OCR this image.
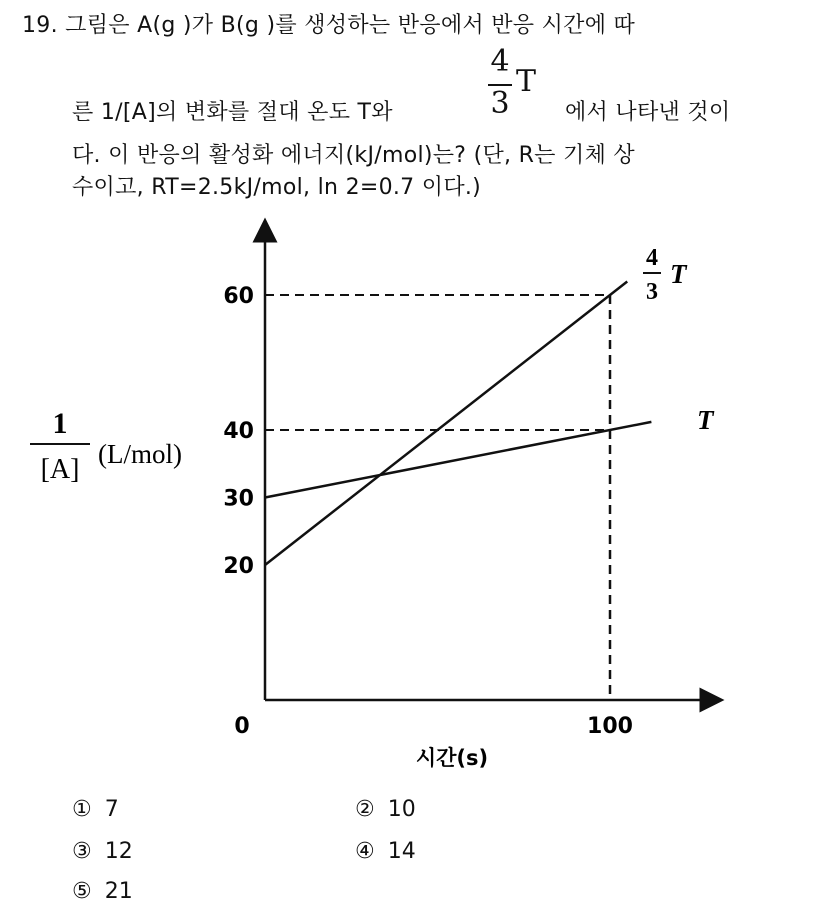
19. 그림은 A(g )가 B(g )를 생성하는 반응에서 반응 시간에 따
른 1/[A]의 변화를 절대 온도 T와
4
3
T
에서 나타낸 것이
다. 이 반응의 활성화 에너지(kJ/mol)는? (단, R는 기체 상
수이고, RT=2.5kJ/mol, ln 2=0.7 이다.)
20
30
40
60
100
0
시간(s)
1
[A] (L/mol)
4
3
T
T
① 7	② 10
③ 12	④ 14
⑤ 21
